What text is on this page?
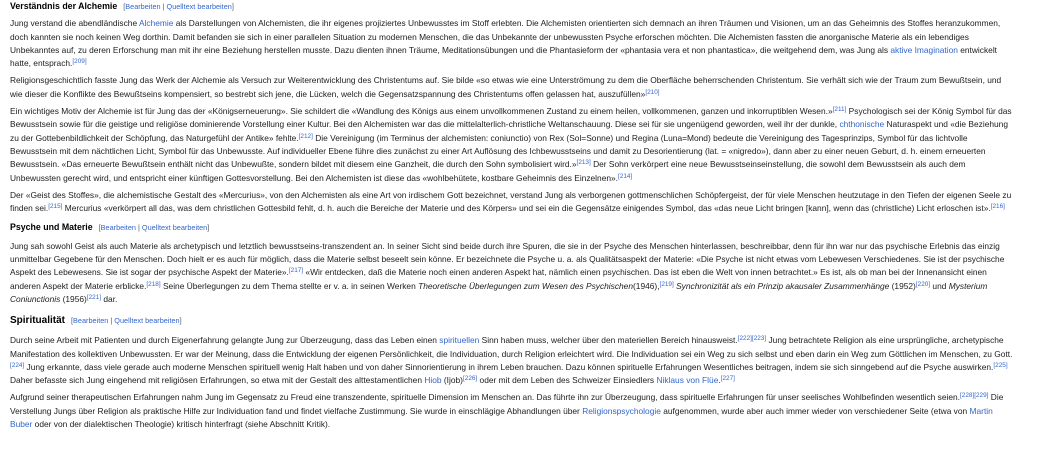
Verständnis der Alchemie [Bearbeiten | Quelltext bearbeiten]

Jung verstand die abendländische Alchemie als Darstellungen von Alchemisten, die ihr eigenes projiziertes Unbewusstes im Stoff erlebten. Die Alchemisten orientierten sich demnach an ihren Träumen und Visionen, um an das Geheimnis des Stoffes heranzukommen,
doch kannten sie noch keinen Weg dorthin. Damit befanden sie sich in einer parallelen Situation zu modernen Menschen, die das Unbekannte der unbewussten Psyche erforschen möchten. Die Alchemisten fassten die anorganische Materie als ein lebendiges
Unbekanntes auf, zu deren Erforschung man mit ihr eine Beziehung herstellen musste. Dazu dienten ihnen Träume, Meditationsübungen und die Phantasieform der «phantasia vera et non phantastica», die weitgehend dem, was Jung als aktive Imagination entwickelt
hatte, entsprach.[209]

Religionsgeschichtlich fasste Jung das Werk der Alchemie als Versuch zur Weiterentwicklung des Christentums auf. Sie bilde «so etwas wie eine Unterströmung zu dem die Oberfläche beherrschenden Christentum. Sie verhält sich wie der Traum zum Bewußtsein, und
wie dieser die Konflikte des Bewußtseins kompensiert, so bestrebt sich jene, die Lücken, welch die Gegensatzspannung des Christentums offen gelassen hat, auszufüllen»[210]

Ein wichtiges Motiv der Alchemie ist für Jung das der «Königserneuerung». Sie schildert die «Wandlung des Königs aus einem unvollkommenen Zustand zu einem heilen, vollkommenen, ganzen und inkorruptiblen Wesen.»[211] Psychologisch sei der König Symbol für das
Bewusstsein sowie für die geistige und religiöse dominierende Vorstellung einer Kultur. Bei den Alchemisten war das die mittelalterlich-christliche Weltanschauung. Diese sei für sie ungenügend geworden, weil ihr der dunkle, chthonische Naturaspekt und «die Beziehung
zu der Gottebenbildlichkeit der Schöpfung, das Naturgefühl der Antike» fehlte.[212] Die Vereinigung (im Terminus der alchemisten: coniunctio) von Rex (Sol=Sonne) und Regina (Luna=Mond) bedeute die Vereinigung des Tagesprinzips, Symbol für das lichtvolle
Bewusstsein mit dem nächtlichen Licht, Symbol für das Unbewusste. Auf individueller Ebene führe dies zunächst zu einer Art Auflösung des Ichbewusstseins und damit zu Desorientierung (lat. = «nigredo»), dann aber zu einer neuen Geburt, d. h. einem erneuerten
Bewusstsein. «Das erneuerte Bewußtsein enthält nicht das Unbewußte, sondern bildet mit diesem eine Ganzheit, die durch den Sohn symbolisiert wird.»[213] Der Sohn verkörpert eine neue Bewusstseinseinstellung, die sowohl dem Bewusstsein als auch dem
Unbewussten gerecht wird, und entspricht einer künftigen Gottesvorstellung. Bei den Alchemisten ist diese das «wohlbehütete, kostbare Geheimnis des Einzelnen».[214]

Der «Geist des Stoffes», die alchemistische Gestalt des «Mercurius», von den Alchemisten als eine Art von irdischem Gott bezeichnet, verstand Jung als verborgenen gottmenschlichen Schöpfergeist, der für viele Menschen heutzutage in den Tiefen der eigenen Seele zu
finden sei.[215] Mercurius «verkörpert all das, was dem christlichen Gottesbild fehlt, d. h. auch die Bereiche der Materie und des Körpers» und sei ein die Gegensätze einigendes Symbol, das «das neue Licht bringen [kann], wenn das (christliche) Licht erloschen ist».[216]

Psyche und Materie [Bearbeiten | Quelltext bearbeiten]

Jung sah sowohl Geist als auch Materie als archetypisch und letztlich bewusstseins-transzendent an. In seiner Sicht sind beide durch ihre Spuren, die sie in der Psyche des Menschen hinterlassen, beschreibbar, denn für ihn war nur das psychische Erlebnis das einzig
unmittelbar Gegebene für den Menschen. Doch hielt er es auch für möglich, dass die Materie selbst beseelt sein könne. Er bezeichnete die Psyche u. a. als Qualitätsaspekt der Materie: «Die Psyche ist nicht etwas vom Lebewesen Verschiedenes. Sie ist der psychische
Aspekt des Lebewesens. Sie ist sogar der psychische Aspekt der Materie».[217] «Wir entdecken, daß die Materie noch einen anderen Aspekt hat, nämlich einen psychischen. Das ist eben die Welt von innen betrachtet.» Es ist, als ob man bei der Innenansicht einen
anderen Aspekt der Materie erblicke.[218] Seine Überlegungen zu dem Thema stellte er v. a. in seinen Werken Theoretische Überlegungen zum Wesen des Psychischen(1946),[219] Synchronizität als ein Prinzip akausaler Zusammenhänge (1952)[220] und Mysterium
Coniunctionis (1956)[221] dar.

Spiritualität [Bearbeiten | Quelltext bearbeiten]

Durch seine Arbeit mit Patienten und durch Eigenerfahrung gelangte Jung zur Überzeugung, dass das Leben einen spirituellen Sinn haben muss, welcher über den materiellen Bereich hinausweist.[222][223] Jung betrachtete Religion als eine ursprüngliche, archetypische
Manifestation des kollektiven Unbewussten. Er war der Meinung, dass die Entwicklung der eigenen Persönlichkeit, die Individuation, durch Religion erleichtert wird. Die Individuation sei ein Weg zu sich selbst und eben darin ein Weg zum Göttlichen im Menschen, zu Gott.
[224] Jung erkannte, dass viele gerade auch moderne Menschen spirituell wenig Halt haben und von daher Sinnorientierung in ihrem Leben brauchen. Dazu können spirituelle Erfahrungen Wesentliches beitragen, indem sie sich sinngebend auf die Psyche auswirken.[225]
Daher befasste sich Jung eingehend mit religiösen Erfahrungen, so etwa mit der Gestalt des alttestamentlichen Hiob (Ijob)[226] oder mit dem Leben des Schweizer Einsiedlers Niklaus von Flüe.[227]

Aufgrund seiner therapeutischen Erfahrungen nahm Jung im Gegensatz zu Freud eine transzendente, spirituelle Dimension im Menschen an. Das führte ihn zur Überzeugung, dass spirituelle Erfahrungen für unser seelisches Wohlbefinden wesentlich seien.[228][229] Die
Verstellung Jungs über Religion als praktische Hilfe zur Individuation fand und findet vielfache Zustimmung. Sie wurde in einschlägige Abhandlungen über Religionspsychologie aufgenommen, wurde aber auch immer wieder von verschiedener Seite (etwa von Martin
Buber oder von der dialektischen Theologie) kritisch hinterfragt (siehe Abschnitt Kritik).
